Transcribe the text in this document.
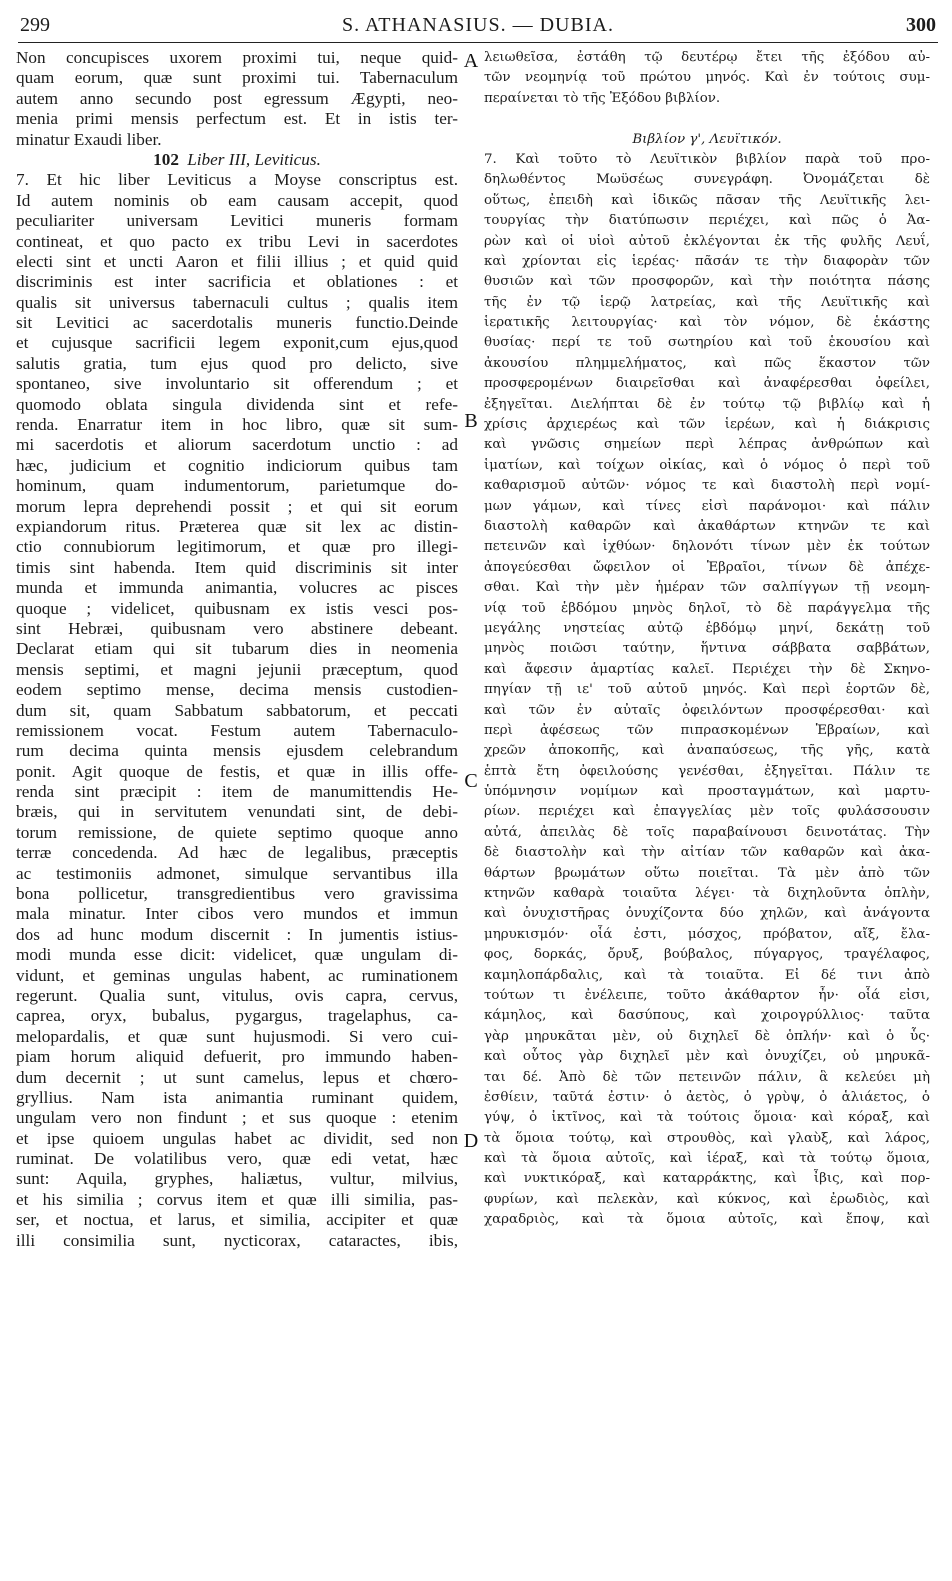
299	S. ATHANASIUS. — DUBIA.	300
Non concupisces uxorem proximi tui, neque quid-
quam eorum, quæ sunt proximi tui. Tabernaculum
autem anno secundo post egressum Ægypti, neo-
menia primi mensis perfectum est. Et in istis ter-
minatur Exaudi liber.
102 Liber III, Leviticus.
7. Et hic liber Leviticus a Moyse conscriptus est.
Id autem nominis ob eam causam accepit, quod
peculiariter universam Levitici muneris formam
contineat, et quo pacto ex tribu Levi in sacerdotes
electi sint et uncti Aaron et filii illius ; et quid quid
discriminis est inter sacrificia et oblationes : et
qualis sit universus tabernaculi cultus ; qualis item
sit Levitici ac sacerdotalis muneris functio.Deinde
et cujusque sacrificii legem exponit,cum ejus,quod
salutis gratia, tum ejus quod pro delicto, sive
spontaneo, sive involuntario sit offerendum ; et
quomodo oblata singula dividenda sint et refe-
renda. Enarratur item in hoc libro, quæ sit sum-
mi sacerdotis et aliorum sacerdotum unctio : ad
hæc, judicium et cognitio indiciorum quibus tam
hominum, quam indumentorum, parietumque do-
morum lepra deprehendi possit ; et qui sit eorum
expiandorum ritus. Præterea quæ sit lex ac distin-
ctio connubiorum legitimorum, et quæ pro illegi-
timis sint habenda. Item quid discriminis sit inter
munda et immunda animantia, volucres ac pisces
quoque ; videlicet, quibusnam ex istis vesci pos-
sint Hebræi, quibusnam vero abstinere debeant.
Declarat etiam qui sit tubarum dies in neomenia
mensis septimi, et magni jejunii præceptum, quod
eodem septimo mense, decima mensis custodien-
dum sit, quam Sabbatum sabbatorum, et peccati
remissionem vocat. Festum autem Tabernaculo-
rum decima quinta mensis ejusdem celebrandum
ponit. Agit quoque de festis, et quæ in illis offe-
renda sint præcipit : item de manumittendis He-
bræis, qui in servitutem venundati sint, de debi-
torum remissione, de quiete septimo quoque anno
terræ concedenda. Ad hæc de legalibus, præceptis
ac testimoniis admonet, simulque servantibus illa
bona pollicetur, transgredientibus vero gravissima
mala minatur. Inter cibos vero mundos et immun
dos ad hunc modum discernit : In jumentis istius-
modi munda esse dicit: videlicet, quæ ungulam di-
vidunt, et geminas ungulas habent, ac ruminationem
regerunt. Qualia sunt, vitulus, ovis capra, cervus,
caprea, oryx, bubalus, pygargus, tragelaphus, ca-
melopardalis, et quæ sunt hujusmodi. Si vero cui-
piam horum aliquid defuerit, pro immundo haben-
dum decernit ; ut sunt camelus, lepus et chœro-
gryllius. Nam ista animantia ruminant quidem,
ungulam vero non findunt ; et sus quoque : etenim
et ipse quioem ungulas habet ac dividit, sed non
ruminat. De volatilibus vero, quæ edi vetat, hæc
sunt: Aquila, gryphes, haliætus, vultur, milvius,
et his similia ; corvus item et quæ illi similia, pas-
ser, et noctua, et larus, et similia, accipiter et quæ
illi consimilia sunt, nycticorax, cataractes, ibis,
λειωθεῖσα, ἐστάθη τῷ δευτέρῳ ἔτει τῆς ἐξόδου αὐ-
τῶν νεομηνίᾳ τοῦ πρώτου μηνός. Καὶ ἐν τούτοις συμ-
περαίνεται τὸ τῆς Ἐξόδου βιβλίον.
Βιβλίον γ', Λευϊτικόν.
7. Καὶ τοῦτο τὸ Λευϊτικὸν βιβλίον παρὰ τοῦ προ-
δηλωθέντος Μωϋσέως συνεγράφη. Ὀνομάζεται δὲ
οὕτως, ἐπειδὴ καὶ ἰδικῶς πᾶσαν τῆς Λευϊτικῆς λει-
τουργίας τὴν διατύπωσιν περιέχει, καὶ πῶς ὁ Ἀα-
ρὼν καὶ οἱ υἱοὶ αὐτοῦ ἐκλέγονται ἐκ τῆς φυλῆς Λευΐ,
καὶ χρίονται εἰς ἱερέας· πᾶσάν τε τὴν διαφορὰν τῶν
θυσιῶν καὶ τῶν προσφορῶν, καὶ τὴν ποιότητα πάσης
τῆς ἐν τῷ ἱερῷ λατρείας, καὶ τῆς Λευϊτικῆς καὶ
ἱερατικῆς λειτουργίας· καὶ τὸν νόμον, δὲ ἑκάστης
θυσίας· περί τε τοῦ σωτηρίου καὶ τοῦ ἑκουσίου καὶ
ἀκουσίου πλημμελήματος, καὶ πῶς ἕκαστον τῶν
προσφερομένων διαιρεῖσθαι καὶ ἀναφέρεσθαι ὀφείλει,
ἐξηγεῖται. Διελήπται δὲ ἐν τούτῳ τῷ βιβλίῳ καὶ ἡ
χρίσις ἀρχιερέως καὶ τῶν ἱερέων, καὶ ἡ διάκρισις
καὶ γνῶσις σημείων περὶ λέπρας ἀνθρώπων καὶ
ἱματίων, καὶ τοίχων οἰκίας, καὶ ὁ νόμος ὁ περὶ τοῦ
καθαρισμοῦ αὐτῶν· νόμος τε καὶ διαστολὴ περὶ νομί-
μων γάμων, καὶ τίνες εἰσὶ παράνομοι· καὶ πάλιν
διαστολὴ καθαρῶν καὶ ἀκαθάρτων κτηνῶν τε καὶ
πετεινῶν καὶ ἰχθύων· δηλονότι τίνων μὲν ἐκ τούτων
ἀπογεύεσθαι ὤφειλον οἱ Ἑβραῖοι, τίνων δὲ ἀπέχε-
σθαι. Καὶ τὴν μὲν ἡμέραν τῶν σαλπίγγων τῇ νεομη-
νίᾳ τοῦ ἑβδόμου μηνὸς δηλοῖ, τὸ δὲ παράγγελμα τῆς
μεγάλης νηστείας αὐτῷ ἑβδόμῳ μηνί, δεκάτῃ τοῦ
μηνὸς ποιῶσι ταύτην, ἥντινα σάββατα σαββάτων,
καὶ ἄφεσιν ἁμαρτίας καλεῖ. Περιέχει τὴν δὲ Σκηνο-
πηγίαν τῇ ιε' τοῦ αὐτοῦ μηνός. Καὶ περὶ ἑορτῶν δὲ,
καὶ τῶν ἐν αὐταῖς ὀφειλόντων προσφέρεσθαι· καὶ
περὶ ἀφέσεως τῶν πιπρασκομένων Ἑβραίων, καὶ
χρεῶν ἀποκοπῆς, καὶ ἀναπαύσεως, τῆς γῆς, κατὰ
ἑπτὰ ἔτη ὀφειλούσης γενέσθαι, ἐξηγεῖται. Πάλιν τε
ὑπόμνησιν νομίμων καὶ προσταγμάτων, καὶ μαρτυ-
ρίων. περιέχει καὶ ἐπαγγελίας μὲν τοῖς φυλάσσουσιν
αὐτά, ἀπειλὰς δὲ τοῖς παραβαίνουσι δεινοτάτας. Τὴν
δὲ διαστολὴν καὶ τὴν αἰτίαν τῶν καθαρῶν καὶ ἀκα-
θάρτων βρωμάτων οὕτω ποιεῖται. Τὰ μὲν ἀπὸ τῶν
κτηνῶν καθαρὰ τοιαῦτα λέγει· τὰ διχηλοῦντα ὁπλὴν,
καὶ ὀνυχιστῆρας ὀνυχίζοντα δύο χηλῶν, καὶ ἀνάγοντα
μηρυκισμόν· οἷά ἐστι, μόσχος, πρόβατον, αἴξ, ἔλα-
φος, δορκάς, ὄρυξ, βούβαλος, πύγαργος, τραγέλαφος,
καμηλοπάρδαλις, καὶ τὰ τοιαῦτα. Εἰ δέ τινι ἀπὸ
τούτων τι ἐνέλειπε, τοῦτο ἀκάθαρτον ἦν· οἷά εἰσι,
κάμηλος, καὶ δασύπους, καὶ χοιρογρύλλιος· ταῦτα
γὰρ μηρυκᾶται μὲν, οὐ διχηλεῖ δὲ ὁπλήν· καὶ ὁ ὗς·
καὶ οὗτος γὰρ διχηλεῖ μὲν καὶ ὀνυχίζει, οὐ μηρυκᾶ-
ται δέ. Ἀπὸ δὲ τῶν πετεινῶν πάλιν, ἃ κελεύει μὴ
ἐσθίειν, ταῦτά ἐστιν· ὁ ἀετὸς, ὁ γρὺψ, ὁ ἁλιάετος, ὁ
γύψ, ὁ ἰκτῖνος, καὶ τὰ τούτοις ὅμοια· καὶ κόραξ, καὶ
τὰ ὅμοια τούτῳ, καὶ στρουθὸς, καὶ γλαὺξ, καὶ λάρος,
καὶ τὰ ὅμοια αὐτοῖς, καὶ ἱέραξ, καὶ τὰ τούτῳ ὅμοια,
καὶ νυκτικόραξ, καὶ καταρράκτης, καὶ ἶβις, καὶ πορ-
φυρίων, καὶ πελεκὰν, καὶ κύκνος, καὶ ἐρωδιὸς, καὶ
χαραδριὸς, καὶ τὰ ὅμοια αὐτοῖς, καὶ ἔποψ, καὶ
A
B
C
D
